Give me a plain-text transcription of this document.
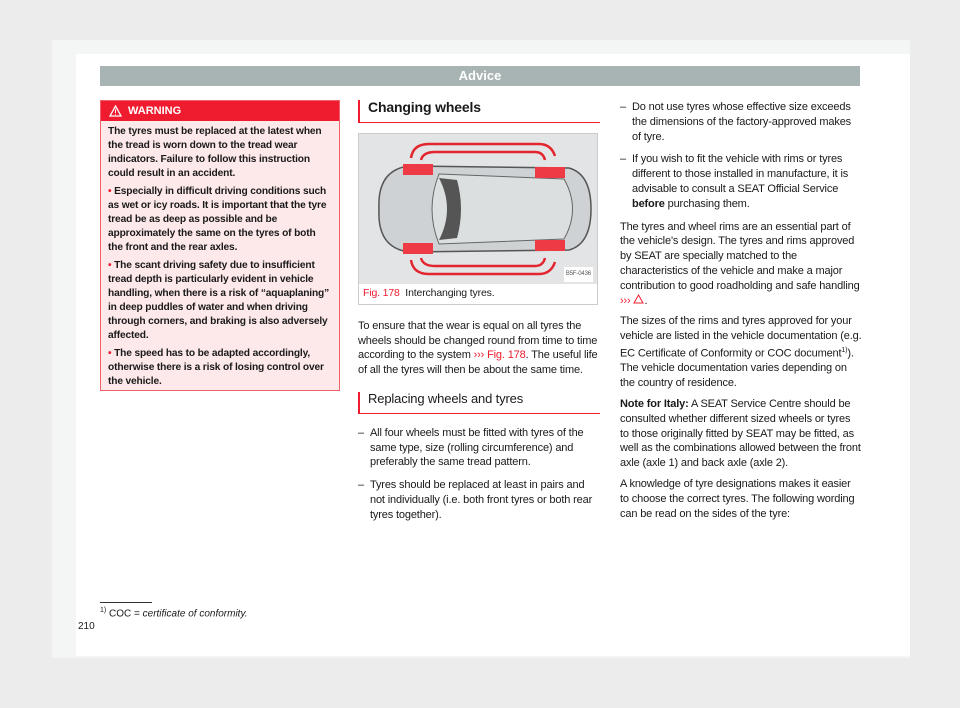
Advice
WARNING

The tyres must be replaced at the latest when the tread is worn down to the tread wear indicators. Failure to follow this instruction could result in an accident.

• Especially in difficult driving conditions such as wet or icy roads. It is important that the tyre tread be as deep as possible and be approximately the same on the tyres of both the front and the rear axles.

• The scant driving safety due to insufficient tread depth is particularly evident in vehicle handling, when there is a risk of “aquaplaning” in deep puddles of water and when driving through corners, and braking is also adversely affected.

• The speed has to be adapted accordingly, otherwise there is a risk of losing control over the vehicle.

Changing wheels
B5F-0436
Fig. 178 Interchanging tyres.

To ensure that the wear is equal on all tyres the wheels should be changed round from time to time according to the system ››› Fig. 178. The useful life of all the tyres will then be about the same time.

Replacing wheels and tyres
– All four wheels must be fitted with tyres of the same type, size (rolling circumference) and preferably the same tread pattern.
– Tyres should be replaced at least in pairs and not individually (i.e. both front tyres or both rear tyres together).
– Do not use tyres whose effective size exceeds the dimensions of the factory-approved makes of tyre.
– If you wish to fit the vehicle with rims or tyres different to those installed in manufacture, it is advisable to consult a SEAT Official Service before purchasing them.

The tyres and wheel rims are an essential part of the vehicle's design. The tyres and rims approved by SEAT are specially matched to the characteristics of the vehicle and make a major contribution to good roadholding and safe handling ››› .

The sizes of the rims and tyres approved for your vehicle are listed in the vehicle documentation (e.g. EC Certificate of Conformity or COC document$^{1)}$). The vehicle documentation varies depending on the country of residence.

Note for Italy: A SEAT Service Centre should be consulted whether different sized wheels or tyres to those originally fitted by SEAT may be fitted, as well as the combinations allowed between the front axle (axle 1) and back axle (axle 2).

A knowledge of tyre designations makes it easier to choose the correct tyres. The following wording can be read on the sides of the tyre:

$^{1)}$ COC = certificate of conformity.
210
